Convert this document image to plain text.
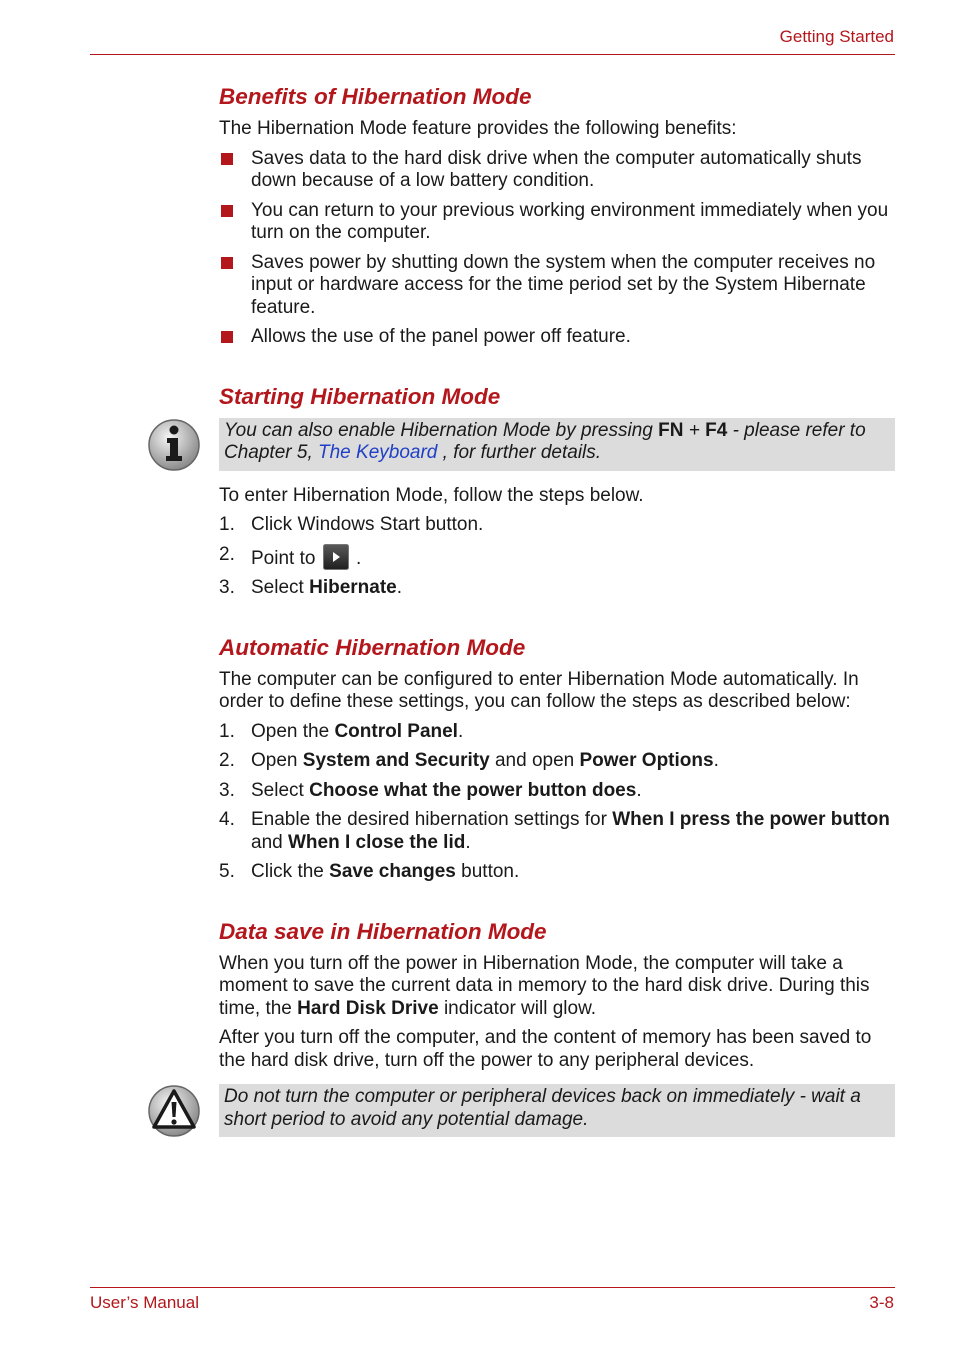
Getting Started
Benefits of Hibernation Mode

The Hibernation Mode feature provides the following benefits:

Saves data to the hard disk drive when the computer automatically shuts down because of a low battery condition.
You can return to your previous working environment immediately when you turn on the computer.
Saves power by shutting down the system when the computer receives no input or hardware access for the time period set by the System Hibernate feature.
Allows the use of the panel power off feature.
Starting Hibernation Mode
You can also enable Hibernation Mode by pressing FN + F4 - please refer to Chapter 5, The Keyboard , for further details.

To enter Hibernation Mode, follow the steps below.

1. Click Windows Start button.
2. Point to  .
3. Select Hibernate.
Automatic Hibernation Mode

The computer can be configured to enter Hibernation Mode automatically. In order to define these settings, you can follow the steps as described below:

1. Open the Control Panel.
2. Open System and Security and open Power Options.
3. Select Choose what the power button does.
4. Enable the desired hibernation settings for When I press the power button and When I close the lid.
5. Click the Save changes button.
Data save in Hibernation Mode

When you turn off the power in Hibernation Mode, the computer will take a moment to save the current data in memory to the hard disk drive. During this time, the Hard Disk Drive indicator will glow.

After you turn off the computer, and the content of memory has been saved to the hard disk drive, turn off the power to any peripheral devices.

Do not turn the computer or peripheral devices back on immediately - wait a short period to avoid any potential damage.
User’s Manual	3-8
